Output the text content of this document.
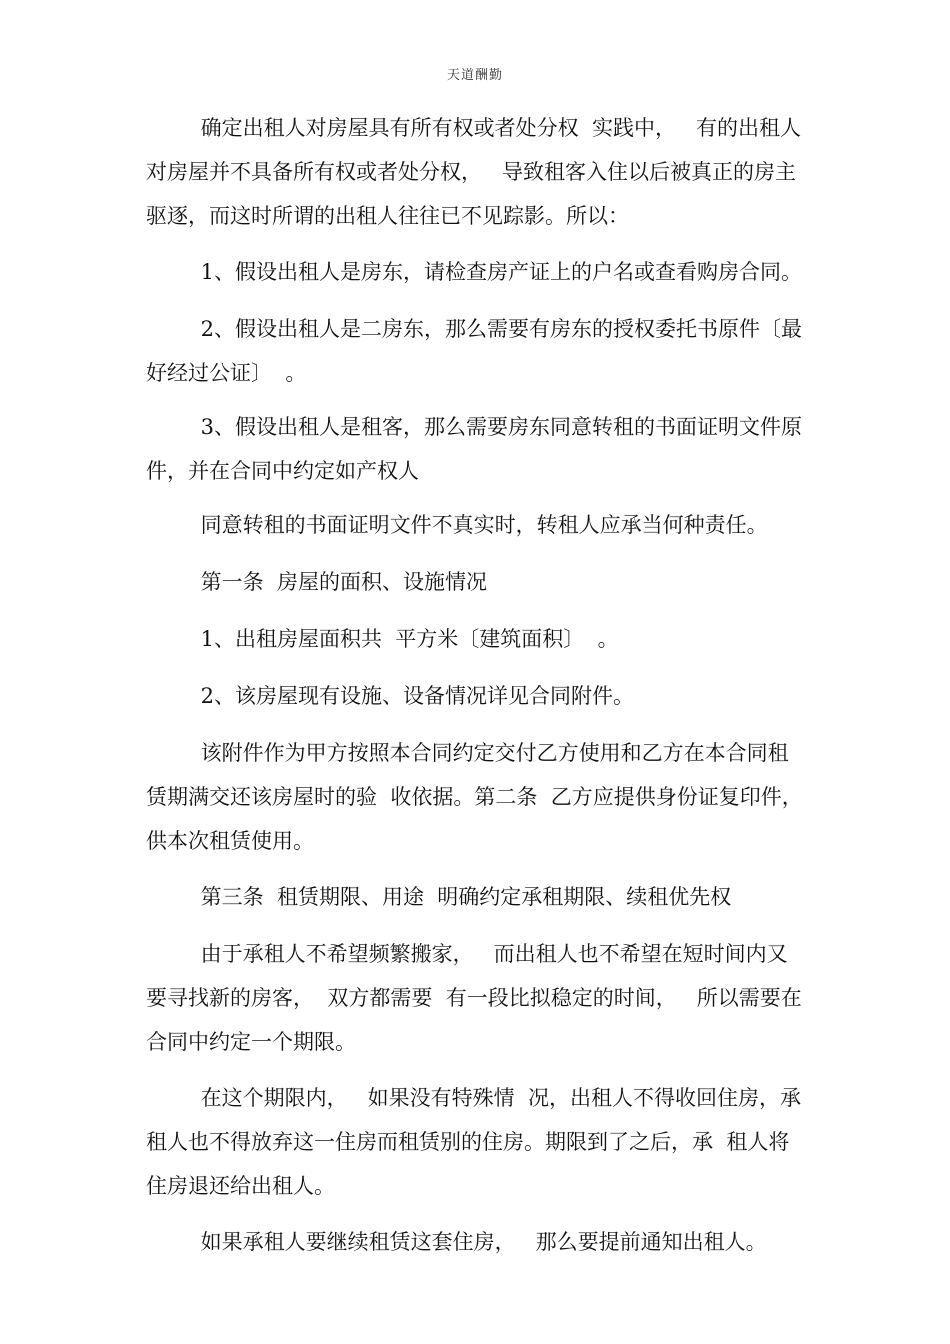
天道酬勤

确定出租人对房屋具有所有权或者处分权  实践中，   有的出租人对房屋并不具备所有权或者处分权，   导致租客入住以后被真正的房主驱逐，而这时所谓的出租人往往已不见踪影。所以：

1、假设出租人是房东，请检查房产证上的户名或查看购房合同。

2、假设出租人是二房东，那么需要有房东的授权委托书原件〔最好经过公证〕  。

3、假设出租人是租客，那么需要房东同意转租的书面证明文件原件，并在合同中约定如产权人

同意转租的书面证明文件不真实时，转租人应承当何种责任。

第一条  房屋的面积、设施情况

1、出租房屋面积共  平方米〔建筑面积〕  。

2、该房屋现有设施、设备情况详见合同附件。

该附件作为甲方按照本合同约定交付乙方使用和乙方在本合同租赁期满交还该房屋时的验  收依据。第二条  乙方应提供身份证复印件，供本次租赁使用。

第三条  租赁期限、用途  明确约定承租期限、续租优先权

由于承租人不希望频繁搬家，   而出租人也不希望在短时间内又要寻找新的房客，  双方都需要  有一段比拟稳定的时间，   所以需要在合同中约定一个期限。

在这个期限内，   如果没有特殊情  况，出租人不得收回住房，承租人也不得放弃这一住房而租赁别的住房。期限到了之后，承  租人将住房退还给出租人。

如果承租人要继续租赁这套住房，   那么要提前通知出租人。
